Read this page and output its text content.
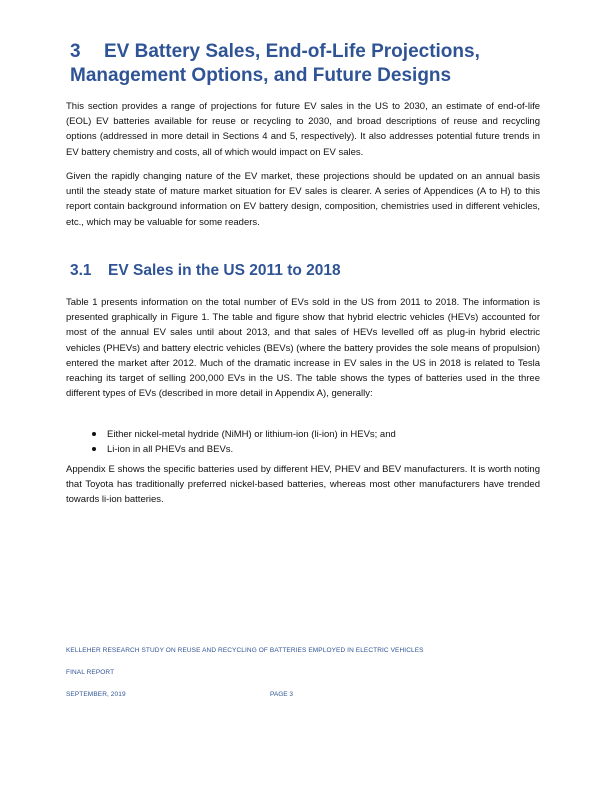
3 EV Battery Sales, End-of-Life Projections,
Management Options, and Future Designs

This section provides a range of projections for future EV sales in the US to 2030, an estimate of end-of-life (EOL) EV batteries available for reuse or recycling to 2030, and broad descriptions of reuse and recycling options (addressed in more detail in Sections 4 and 5, respectively). It also addresses potential future trends in EV battery chemistry and costs, all of which would impact on EV sales.

Given the rapidly changing nature of the EV market, these projections should be updated on an annual basis until the steady state of mature market situation for EV sales is clearer. A series of Appendices (A to H) to this report contain background information on EV battery design, composition, chemistries used in different vehicles, etc., which may be valuable for some readers.

3.1 EV Sales in the US 2011 to 2018

Table 1 presents information on the total number of EVs sold in the US from 2011 to 2018. The information is presented graphically in Figure 1. The table and figure show that hybrid electric vehicles (HEVs) accounted for most of the annual EV sales until about 2013, and that sales of HEVs levelled off as plug-in hybrid electric vehicles (PHEVs) and battery electric vehicles (BEVs) (where the battery provides the sole means of propulsion) entered the market after 2012. Much of the dramatic increase in EV sales in the US in 2018 is related to Tesla reaching its target of selling 200,000 EVs in the US. The table shows the types of batteries used in the three different types of EVs (described in more detail in Appendix A), generally:

Either nickel-metal hydride (NiMH) or lithium-ion (li-ion) in HEVs; and
Li-ion in all PHEVs and BEVs.

Appendix E shows the specific batteries used by different HEV, PHEV and BEV manufacturers. It is worth noting that Toyota has traditionally preferred nickel-based batteries, whereas most other manufacturers have trended towards li-ion batteries.

KELLEHER RESEARCH STUDY ON REUSE AND RECYCLING OF BATTERIES EMPLOYED IN ELECTRIC VEHICLES
FINAL REPORT
SEPTEMBER, 2019	PAGE 3
